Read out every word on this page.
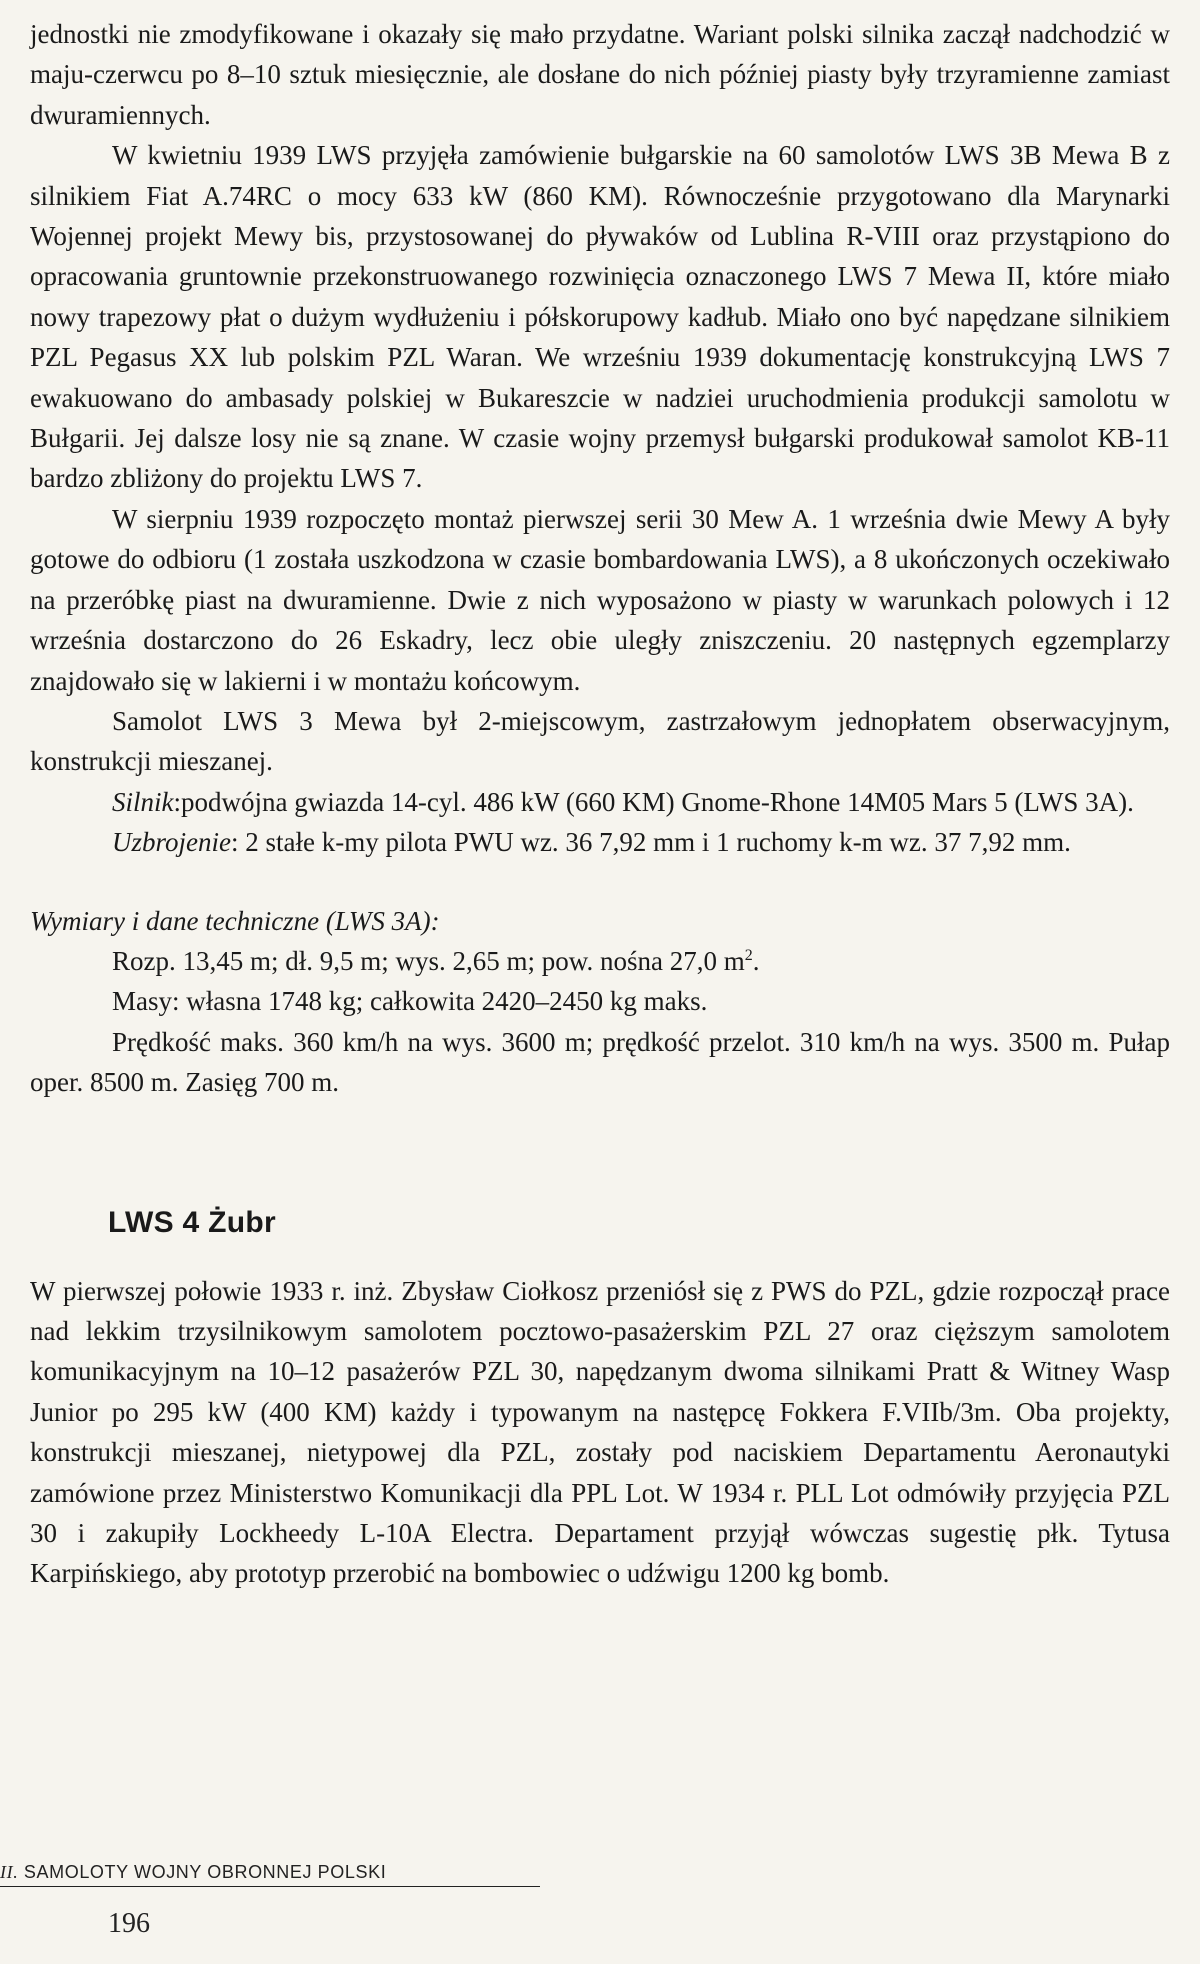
jednostki nie zmodyfikowane i okazały się mało przydatne. Wariant polski silnika zaczął nadchodzić w maju-czerwcu po 8–10 sztuk miesięcznie, ale dosłane do nich później piasty były trzyramienne zamiast dwuramiennych.

W kwietniu 1939 LWS przyjęła zamówienie bułgarskie na 60 samolotów LWS 3B Mewa B z silnikiem Fiat A.74RC o mocy 633 kW (860 KM). Równocześnie przygotowano dla Marynarki Wojennej projekt Mewy bis, przystosowanej do pływaków od Lublina R-VIII oraz przystąpiono do opracowania gruntownie przekonstruowanego rozwinięcia oznaczonego LWS 7 Mewa II, które miało nowy trapezowy płat o dużym wydłużeniu i półskorupowy kadłub. Miało ono być napędzane silnikiem PZL Pegasus XX lub polskim PZL Waran. We wrześniu 1939 dokumentację konstrukcyjną LWS 7 ewakuowano do ambasady polskiej w Bukareszcie w nadziei uruchodmienia produkcji samolotu w Bułgarii. Jej dalsze losy nie są znane. W czasie wojny przemysł bułgarski produkował samolot KB-11 bardzo zbliżony do projektu LWS 7.

W sierpniu 1939 rozpoczęto montaż pierwszej serii 30 Mew A. 1 września dwie Mewy A były gotowe do odbioru (1 została uszkodzona w czasie bombardowania LWS), a 8 ukończonych oczekiwało na przeróbkę piast na dwuramienne. Dwie z nich wyposażono w piasty w warunkach polowych i 12 września dostarczono do 26 Eskadry, lecz obie uległy zniszczeniu. 20 następnych egzemplarzy znajdowało się w lakierni i w montażu końcowym.

Samolot LWS 3 Mewa był 2-miejscowym, zastrzałowym jednopłatem obserwacyjnym, konstrukcji mieszanej.

Silnik:podwójna gwiazda 14-cyl. 486 kW (660 KM) Gnome-Rhone 14M05 Mars 5 (LWS 3A).

Uzbrojenie: 2 stałe k-my pilota PWU wz. 36 7,92 mm i 1 ruchomy k-m wz. 37 7,92 mm.

Wymiary i dane techniczne (LWS 3A):

Rozp. 13,45 m; dł. 9,5 m; wys. 2,65 m; pow. nośna 27,0 $m^2$.

Masy: własna 1748 kg; całkowita 2420–2450 kg maks.

Prędkość maks. 360 km/h na wys. 3600 m; prędkość przelot. 310 km/h na wys. 3500 m. Pułap oper. 8500 m. Zasięg 700 m.

LWS 4 Żubr

W pierwszej połowie 1933 r. inż. Zbysław Ciołkosz przeniósł się z PWS do PZL, gdzie rozpoczął prace nad lekkim trzysilnikowym samolotem pocztowo-pasażerskim PZL 27 oraz cięższym samolotem komunikacyjnym na 10–12 pasażerów PZL 30, napędzanym dwoma silnikami Pratt & Witney Wasp Junior po 295 kW (400 KM) każdy i typowanym na następcę Fokkera F.VIIb/3m. Oba projekty, konstrukcji mieszanej, nietypowej dla PZL, zostały pod naciskiem Departamentu Aeronautyki zamówione przez Ministerstwo Komunikacji dla PPL Lot. W 1934 r. PLL Lot odmówiły przyjęcia PZL 30 i zakupiły Lockheedy L-10A Electra. Departament przyjął wówczas sugestię płk. Tytusa Karpińskiego, aby prototyp przerobić na bombowiec o udźwigu 1200 kg bomb.

II. SAMOLOTY WOJNY OBRONNEJ POLSKI
196
